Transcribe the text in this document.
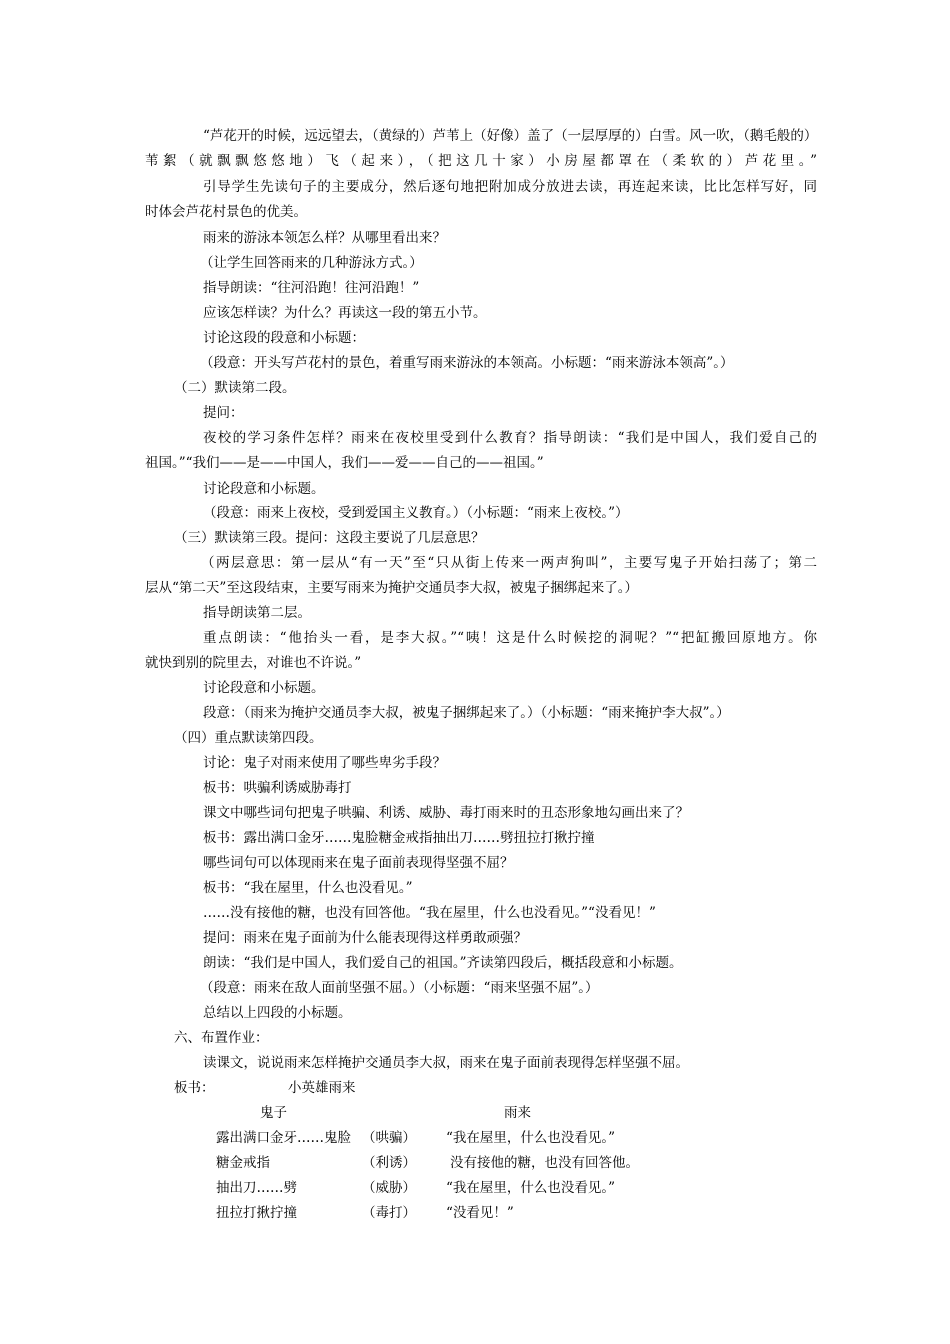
“芦花开的时候，远远望去，（黄绿的）芦苇上（好像）盖了（一层厚厚的）白雪。风一吹，（鹅毛般的）
苇絮（就飘飘悠悠地）飞（起来），（把这几十家）小房屋都罩在（柔软的）芦花里。”
引导学生先读句子的主要成分，然后逐句地把附加成分放进去读，再连起来读，比比怎样写好，同
时体会芦花村景色的优美。
雨来的游泳本领怎么样？从哪里看出来？
（让学生回答雨来的几种游泳方式。）
指导朗读：“往河沿跑！往河沿跑！”
应该怎样读？为什么？再读这一段的第五小节。
讨论这段的段意和小标题：
（段意：开头写芦花村的景色，着重写雨来游泳的本领高。小标题：“雨来游泳本领高”。）
（二）默读第二段。
提问：
夜校的学习条件怎样？雨来在夜校里受到什么教育？指导朗读：“我们是中国人，我们爱自己的
祖国。”“我们——是——中国人，我们——爱——自己的——祖国。”
讨论段意和小标题。
（段意：雨来上夜校，受到爱国主义教育。）（小标题：“雨来上夜校。”）
（三）默读第三段。提问：这段主要说了几层意思？
（两层意思：第一层从“有一天”至“只从街上传来一两声狗叫”，主要写鬼子开始扫荡了；第二
层从“第二天”至这段结束，主要写雨来为掩护交通员李大叔，被鬼子捆绑起来了。）
指导朗读第二层。
重点朗读：“他抬头一看，是李大叔。”“咦！这是什么时候挖的洞呢？”“把缸搬回原地方。你
就快到别的院里去，对谁也不许说。”
讨论段意和小标题。
段意：（雨来为掩护交通员李大叔，被鬼子捆绑起来了。）（小标题：“雨来掩护李大叔”。）
（四）重点默读第四段。
讨论：鬼子对雨来使用了哪些卑劣手段？
板书：哄骗利诱威胁毒打
课文中哪些词句把鬼子哄骗、利诱、威胁、毒打雨来时的丑态形象地勾画出来了？
板书：露出满口金牙……鬼脸糖金戒指抽出刀……劈扭拉打揪拧撞
哪些词句可以体现雨来在鬼子面前表现得坚强不屈？
板书：“我在屋里，什么也没看见。”
……没有接他的糖，也没有回答他。“我在屋里，什么也没看见。”“没看见！”
提问：雨来在鬼子面前为什么能表现得这样勇敢顽强？
朗读：“我们是中国人，我们爱自己的祖国。”齐读第四段后，概括段意和小标题。
（段意：雨来在敌人面前坚强不屈。）（小标题：“雨来坚强不屈”。）
总结以上四段的小标题。
六、布置作业：
读课文，说说雨来怎样掩护交通员李大叔，雨来在鬼子面前表现得怎样坚强不屈。
板书：	小英雄雨来
鬼子	雨来
露出满口金牙……鬼脸 （哄骗） “我在屋里，什么也没看见。”
糖金戒指	（利诱）	没有接他的糖，也没有回答他。
抽出刀……劈	（威胁） “我在屋里，什么也没看见。”
扭拉打揪拧撞	（毒打） “没看见！”
